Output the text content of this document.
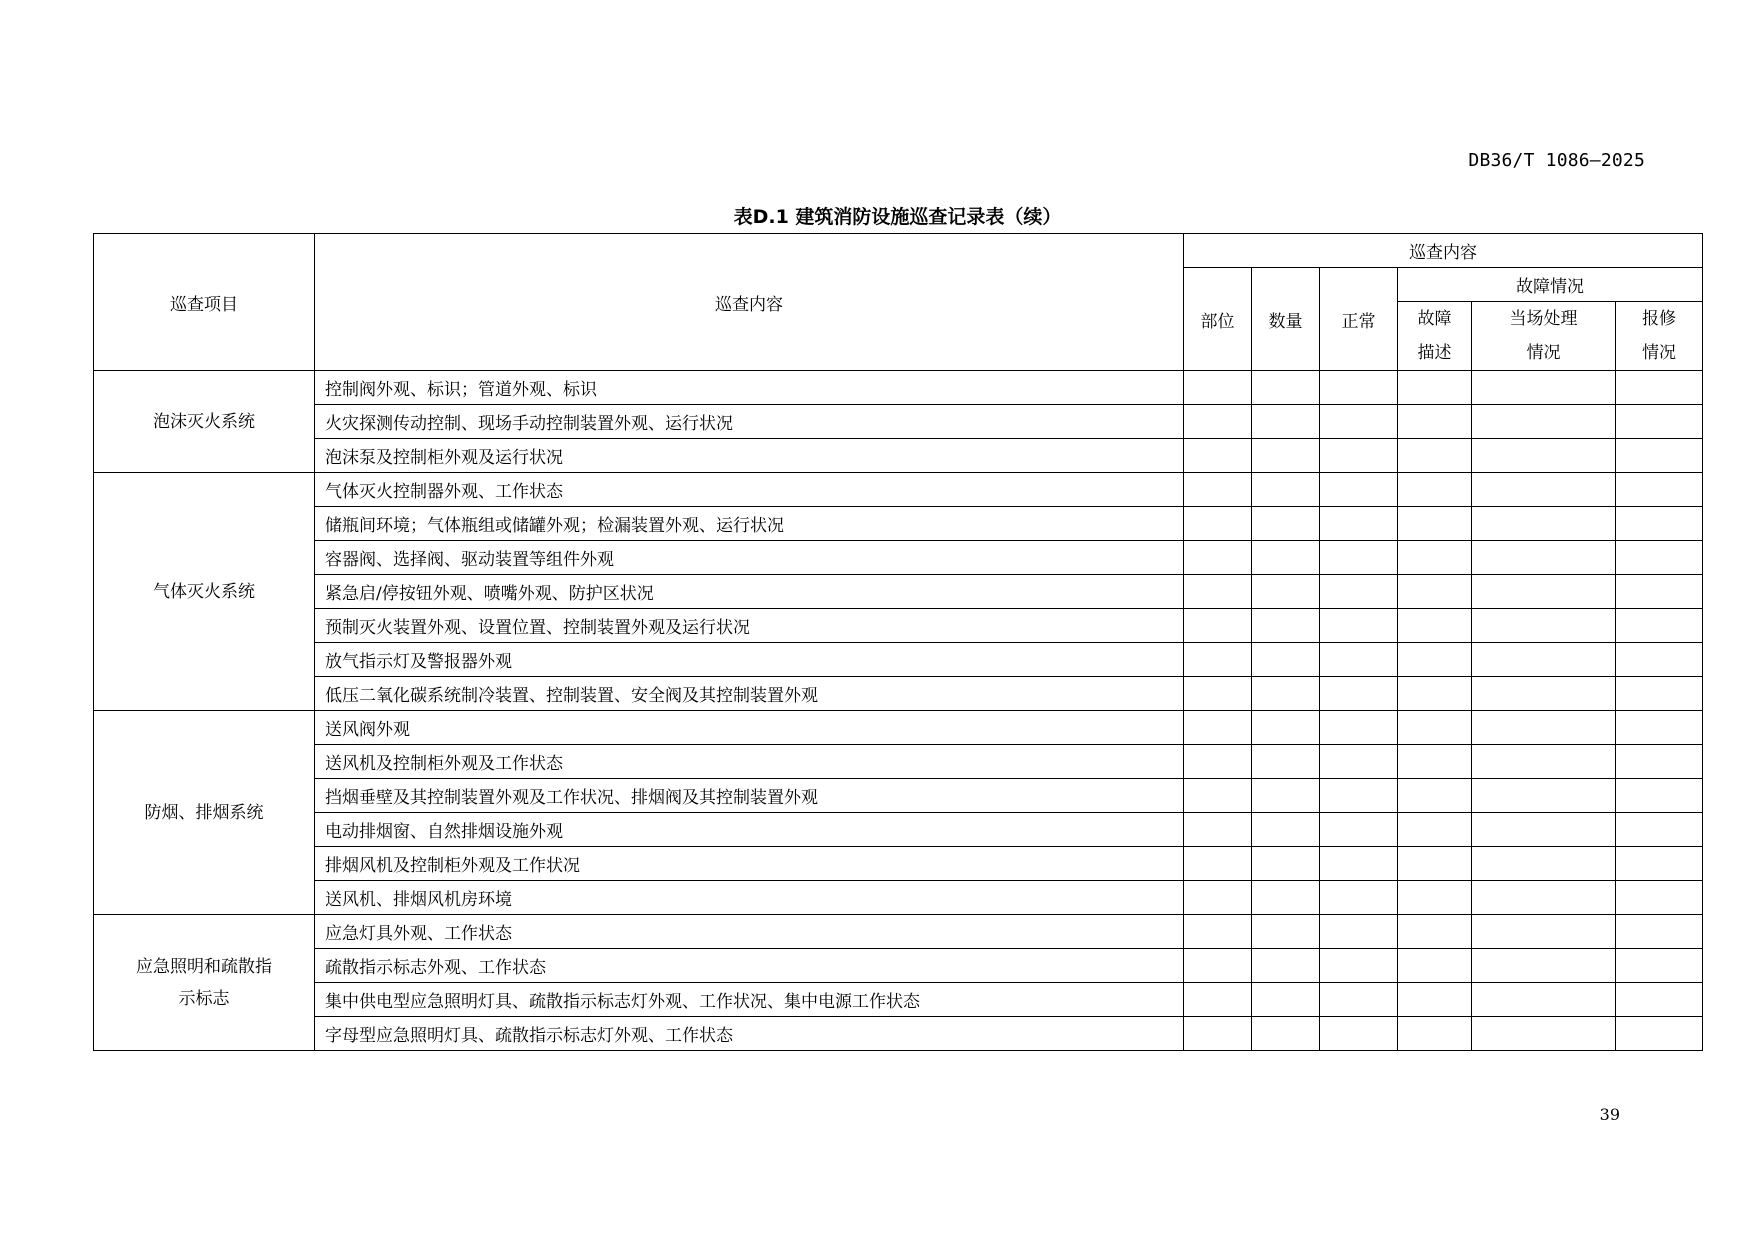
DB36/T 1086—2025
表D.1 建筑消防设施巡查记录表（续）
巡查项目	巡查内容	巡查内容					
		部位	数量	正常	故障情况		
					故障描述	当场处理情况	报修情况

泡沫灭火系统	控制阀外观、标识；管道外观、标识						
	火灾探测传动控制、现场手动控制装置外观、运行状况						
	泡沫泵及控制柜外观及运行状况						
气体灭火系统	气体灭火控制器外观、工作状态						
	储瓶间环境；气体瓶组或储罐外观；检漏装置外观、运行状况						
	容器阀、选择阀、驱动装置等组件外观						
	紧急启/停按钮外观、喷嘴外观、防护区状况						
	预制灭火装置外观、设置位置、控制装置外观及运行状况						
	放气指示灯及警报器外观						
	低压二氧化碳系统制冷装置、控制装置、安全阀及其控制装置外观						
防烟、排烟系统	送风阀外观						
	送风机及控制柜外观及工作状态						
	挡烟垂壁及其控制装置外观及工作状况、排烟阀及其控制装置外观						
	电动排烟窗、自然排烟设施外观						
	排烟风机及控制柜外观及工作状况						
	送风机、排烟风机房环境						
应急照明和疏散指示标志	应急灯具外观、工作状态						
	疏散指示标志外观、工作状态						
	集中供电型应急照明灯具、疏散指示标志灯外观、工作状况、集中电源工作状态						
	字母型应急照明灯具、疏散指示标志灯外观、工作状态						
39
